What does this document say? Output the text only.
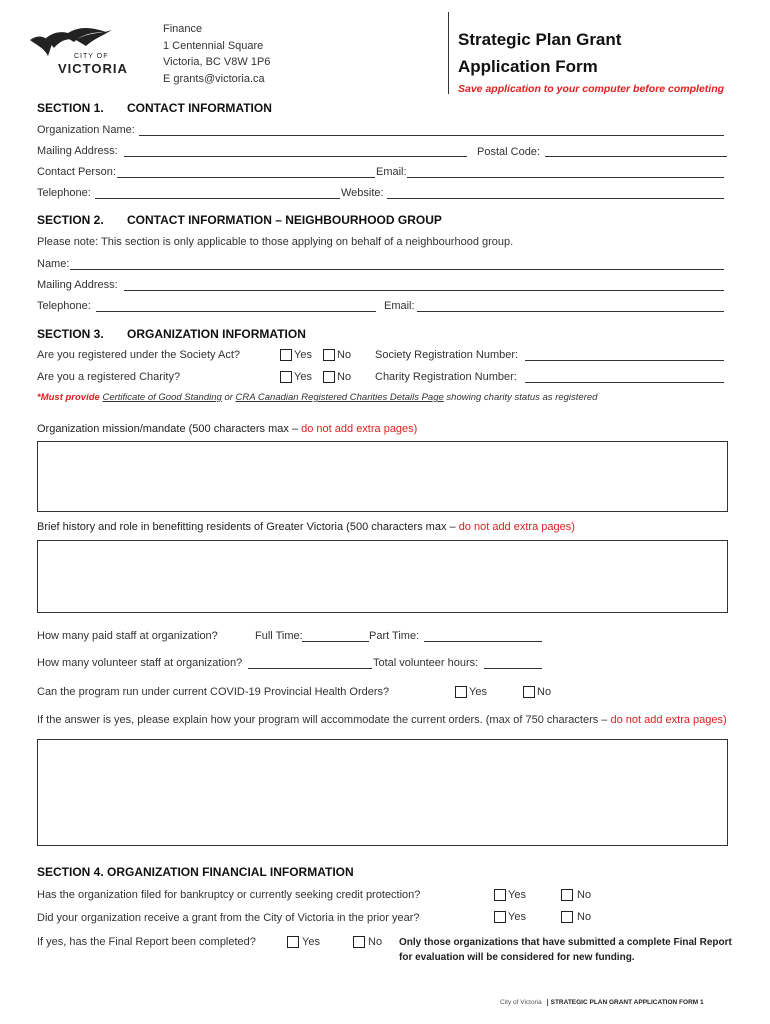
CITY OF
VICTORIA
Finance
1 Centennial Square
Victoria, BC V8W 1P6
E grants@victoria.ca
Strategic Plan Grant
Application Form
Save application to your computer before completing
SECTION 1. CONTACT INFORMATION
Organization Name:
Mailing Address:	Postal Code:
Contact Person:	Email:
Telephone:	Website:
SECTION 2. CONTACT INFORMATION – NEIGHBOURHOOD GROUP
Please note: This section is only applicable to those applying on behalf of a neighbourhood group.
Name:
Mailing Address:
Telephone:	Email:
SECTION 3. ORGANIZATION INFORMATION
Are you registered under the Society Act?	Yes No Society Registration Number:
Are you a registered Charity?	Yes No Charity Registration Number:
*Must provide Certificate of Good Standing or CRA Canadian Registered Charities Details Page showing charity status as registered
Organization mission/mandate (500 characters max – do not add extra pages)
Brief history and role in benefitting residents of Greater Victoria (500 characters max – do not add extra pages)
How many paid staff at organization?	Full Time:	Part Time:
How many volunteer staff at organization?	Total volunteer hours:
Can the program run under current COVID-19 Provincial Health Orders?	Yes	No
If the answer is yes, please explain how your program will accommodate the current orders. (max of 750 characters – do not add extra pages)
SECTION 4. ORGANIZATION FINANCIAL INFORMATION
Has the organization filed for bankruptcy or currently seeking credit protection?	Yes	No
Did your organization receive a grant from the City of Victoria in the prior year?	Yes	No
If yes, has the Final Report been completed?	Yes	No Only those organizations that have submitted a complete Final Report
for evaluation will be considered for new funding.
City of Victoria STRATEGIC PLAN GRANT APPLICATION FORM 1
